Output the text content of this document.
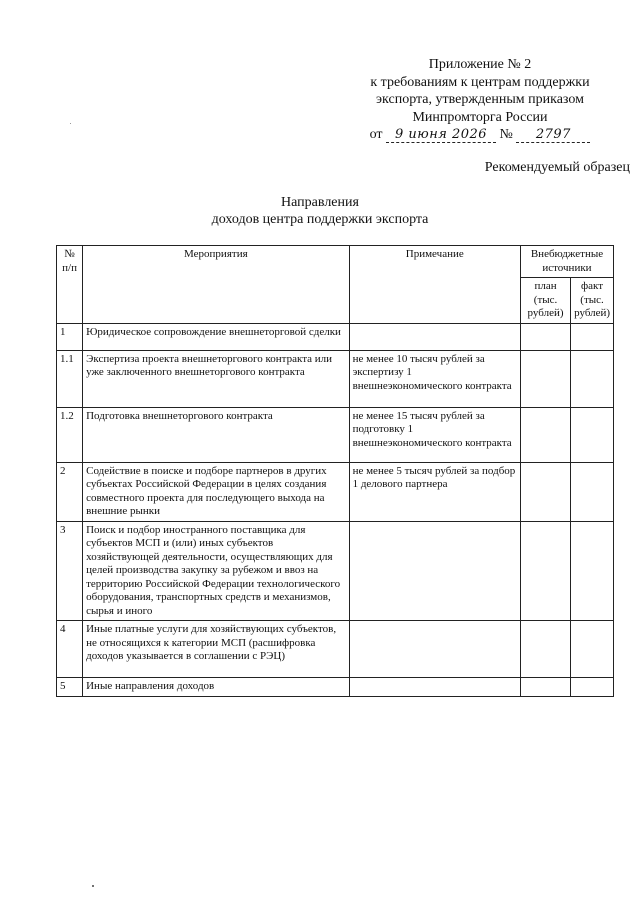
Приложение № 2
к требованиям к центрам поддержки
экспорта, утвержденным приказом
Минпромторга России
от 9 июня 2026 № 2797
Рекомендуемый образец
Направления
доходов центра поддержки экспорта
№ п/п	Мероприятия	Примечание	Внебюджетные источники	
			план (тыс. рублей)	факт (тыс. рублей)
1	Юридическое сопровождение внешнеторговой сделки			
1.1	Экспертиза проекта внешнеторгового контракта или уже заключенного внешнеторгового контракта	не менее 10 тысяч рублей за экспертизу 1 внешнеэкономического контракта		
1.2	Подготовка внешнеторгового контракта	не менее 15 тысяч рублей за подготовку 1 внешнеэкономического контракта		
2	Содействие в поиске и подборе партнеров в других субъектах Российской Федерации в целях создания совместного проекта для последующего выхода на внешние рынки	не менее 5 тысяч рублей за подбор 1 делового партнера		
3	Поиск и подбор иностранного поставщика для субъектов МСП и (или) иных субъектов хозяйствующей деятельности, осуществляющих для целей производства закупку за рубежом и ввоз на территорию Российской Федерации технологического оборудования, транспортных средств и механизмов, сырья и иного			
4	Иные платные услуги для хозяйствующих субъектов, не относящихся к категории МСП (расшифровка доходов указывается в соглашении с РЭЦ)			
5	Иные направления доходов			
